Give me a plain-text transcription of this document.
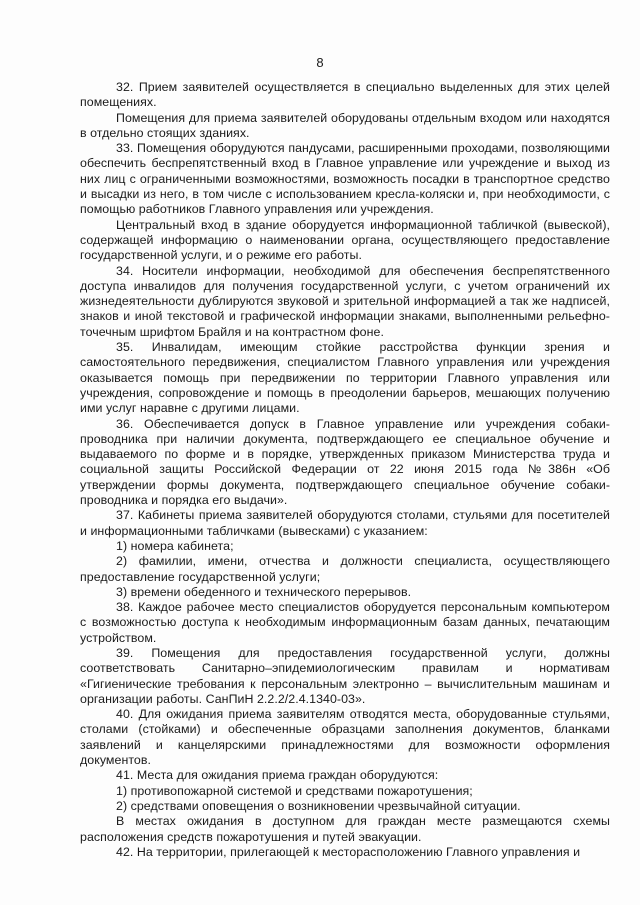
8

32. Прием заявителей осуществляется в специально выделенных для этих целей помещениях.

Помещения для приема заявителей оборудованы отдельным входом или находятся в отдельно стоящих зданиях.

33. Помещения оборудуются пандусами, расширенными проходами, позволяющими обеспечить беспрепятственный вход в Главное управление или учреждение и выход из них лиц с ограниченными возможностями, возможность посадки в транспортное средство и высадки из него, в том числе с использованием кресла-коляски и, при необходимости, с помощью работников Главного управления или учреждения.

Центральный вход в здание оборудуется информационной табличкой (вывеской), содержащей информацию о наименовании органа, осуществляющего предоставление государственной услуги, и о режиме его работы.

34. Носители информации, необходимой для обеспечения беспрепятственного доступа инвалидов для получения государственной услуги, с учетом ограничений их жизнедеятельности дублируются звуковой и зрительной информацией а так же надписей, знаков и иной текстовой и графической информации знаками, выполненными рельефно-точечным шрифтом Брайля и на контрастном фоне.

35. Инвалидам, имеющим стойкие расстройства функции зрения и самостоятельного передвижения, специалистом Главного управления или учреждения оказывается помощь при передвижении по территории Главного управления или учреждения, сопровождение и помощь в преодолении барьеров, мешающих получению ими услуг наравне с другими лицами.

36. Обеспечивается допуск в Главное управление или учреждения собаки-проводника при наличии документа, подтверждающего ее специальное обучение и выдаваемого по форме и в порядке, утвержденных приказом Министерства труда и социальной защиты Российской Федерации от 22 июня 2015 года №386н «Об утверждении формы документа, подтверждающего специальное обучение собаки-проводника и порядка его выдачи».

37. Кабинеты приема заявителей оборудуются столами, стульями для посетителей и информационными табличками (вывесками) с указанием:

1) номера кабинета;

2) фамилии, имени, отчества и должности специалиста, осуществляющего предоставление государственной услуги;

3) времени обеденного и технического перерывов.

38. Каждое рабочее место специалистов оборудуется персональным компьютером с возможностью доступа к необходимым информационным базам данных, печатающим устройством.

39. Помещения для предоставления государственной услуги, должны соответствовать Санитарно–эпидемиологическим правилам и нормативам «Гигиенические требования к персональным электронно – вычислительным машинам и организации работы. СанПиН 2.2.2/2.4.1340-03».

40. Для ожидания приема заявителям отводятся места, оборудованные стульями, столами (стойками) и обеспеченные образцами заполнения документов, бланками заявлений и канцелярскими принадлежностями для возможности оформления документов.

41. Места для ожидания приема граждан оборудуются:

1) противопожарной системой и средствами пожаротушения;

2) средствами оповещения о возникновении чрезвычайной ситуации.

В местах ожидания в доступном для граждан месте размещаются схемы расположения средств пожаротушения и путей эвакуации.

42. На территории, прилегающей к месторасположению Главного управления и
